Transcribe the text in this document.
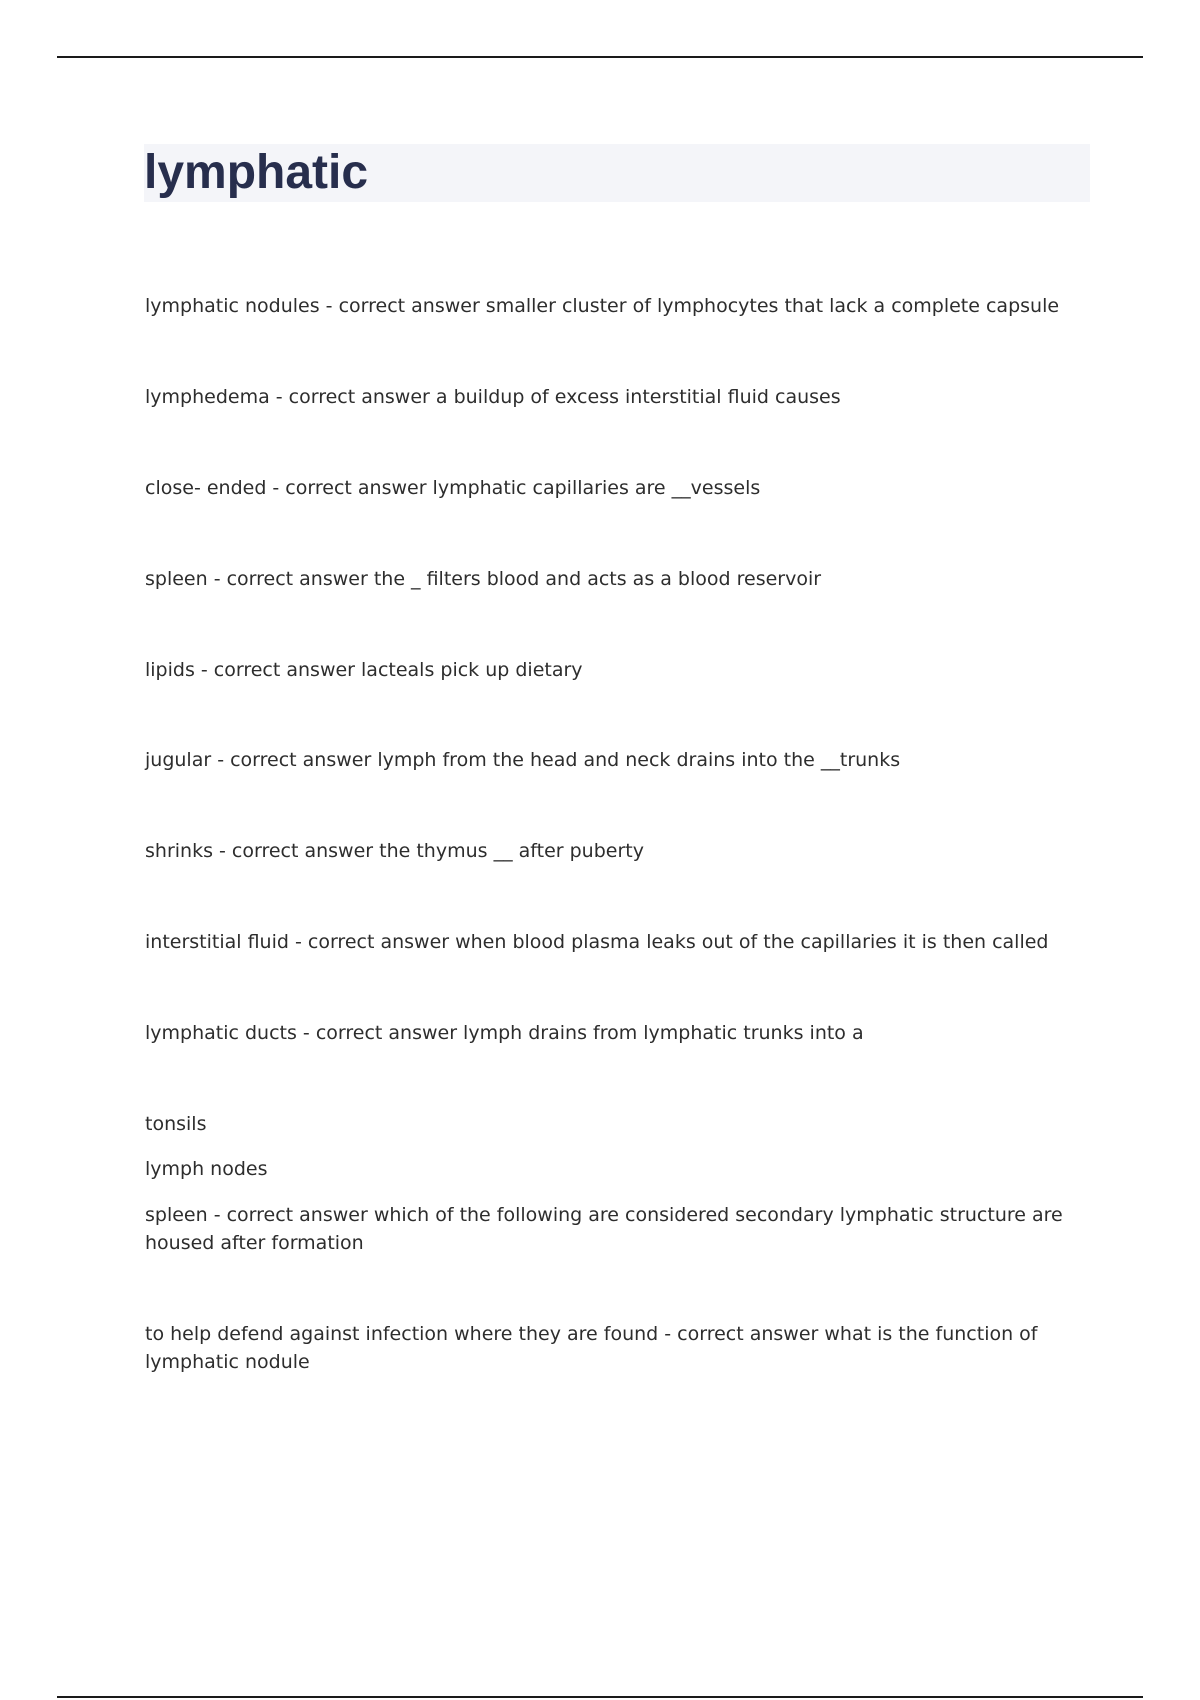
lymphatic

lymphatic nodules - correct answer smaller cluster of lymphocytes that lack a complete capsule

lymphedema - correct answer a buildup of excess interstitial fluid causes

close- ended - correct answer lymphatic capillaries are __vessels

spleen - correct answer the _ filters blood and acts as a blood reservoir

lipids - correct answer lacteals pick up dietary

jugular - correct answer lymph from the head and neck drains into the __trunks

shrinks - correct answer the thymus __ after puberty

interstitial fluid - correct answer when blood plasma leaks out of the capillaries it is then called

lymphatic ducts - correct answer lymph drains from lymphatic trunks into a

tonsils

lymph nodes

spleen - correct answer which of the following are considered secondary lymphatic structure are housed after formation

to help defend against infection where they are found - correct answer what is the function of lymphatic nodule
